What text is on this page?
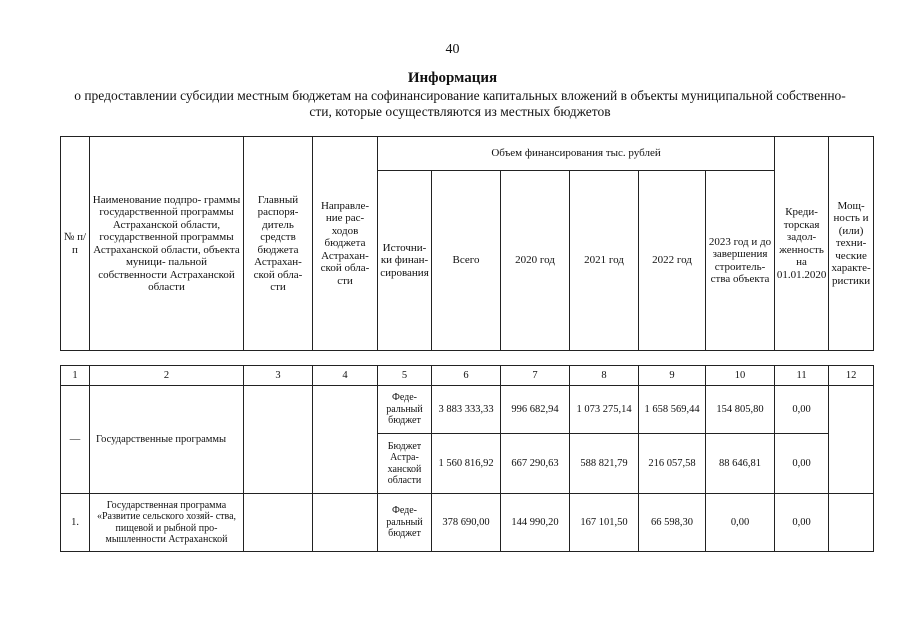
40
Информация
о предоставлении субсидии местным бюджетам на софинансирование капитальных вложений в объекты муниципальной собственно-
сти, которые осуществляются из местных бюджетов
№ п/п	Наименование подпро- граммы государственной программы Астраханской области, государственной программы Астраханской области, объекта муници- пальной собственности Астраханской области	Главный распоря- дитель средств бюджета Астрахан- ской обла- сти	Направле- ние рас- ходов бюджета Астрахан- ской обла- сти	Объем финансирования тыс. рублей						Креди- торская задол- женность на 01.01.2020	Мощ- ность и (или) техни- ческие характе- ристики
				Источни- ки финан- сирования	Всего	2020 год	2021 год	2022 год	2023 год и до завершения строитель- ства объекта		

1	2	3	4	5	6	7	8	9	10	11	12
—	Государственные программы			Феде- ральный бюджет	3 883 333,33	996 682,94	1 073 275,14	1 658 569,44	154 805,80	0,00	
				Бюджет Астра- ханской области	1 560 816,92	667 290,63	588 821,79	216 057,58	88 646,81	0,00	
1.	Государственная программа «Развитие сельского хозяй- ства, пищевой и рыбной про- мышленности Астраханской			Феде- ральный бюджет	378 690,00	144 990,20	167 101,50	66 598,30	0,00	0,00	
